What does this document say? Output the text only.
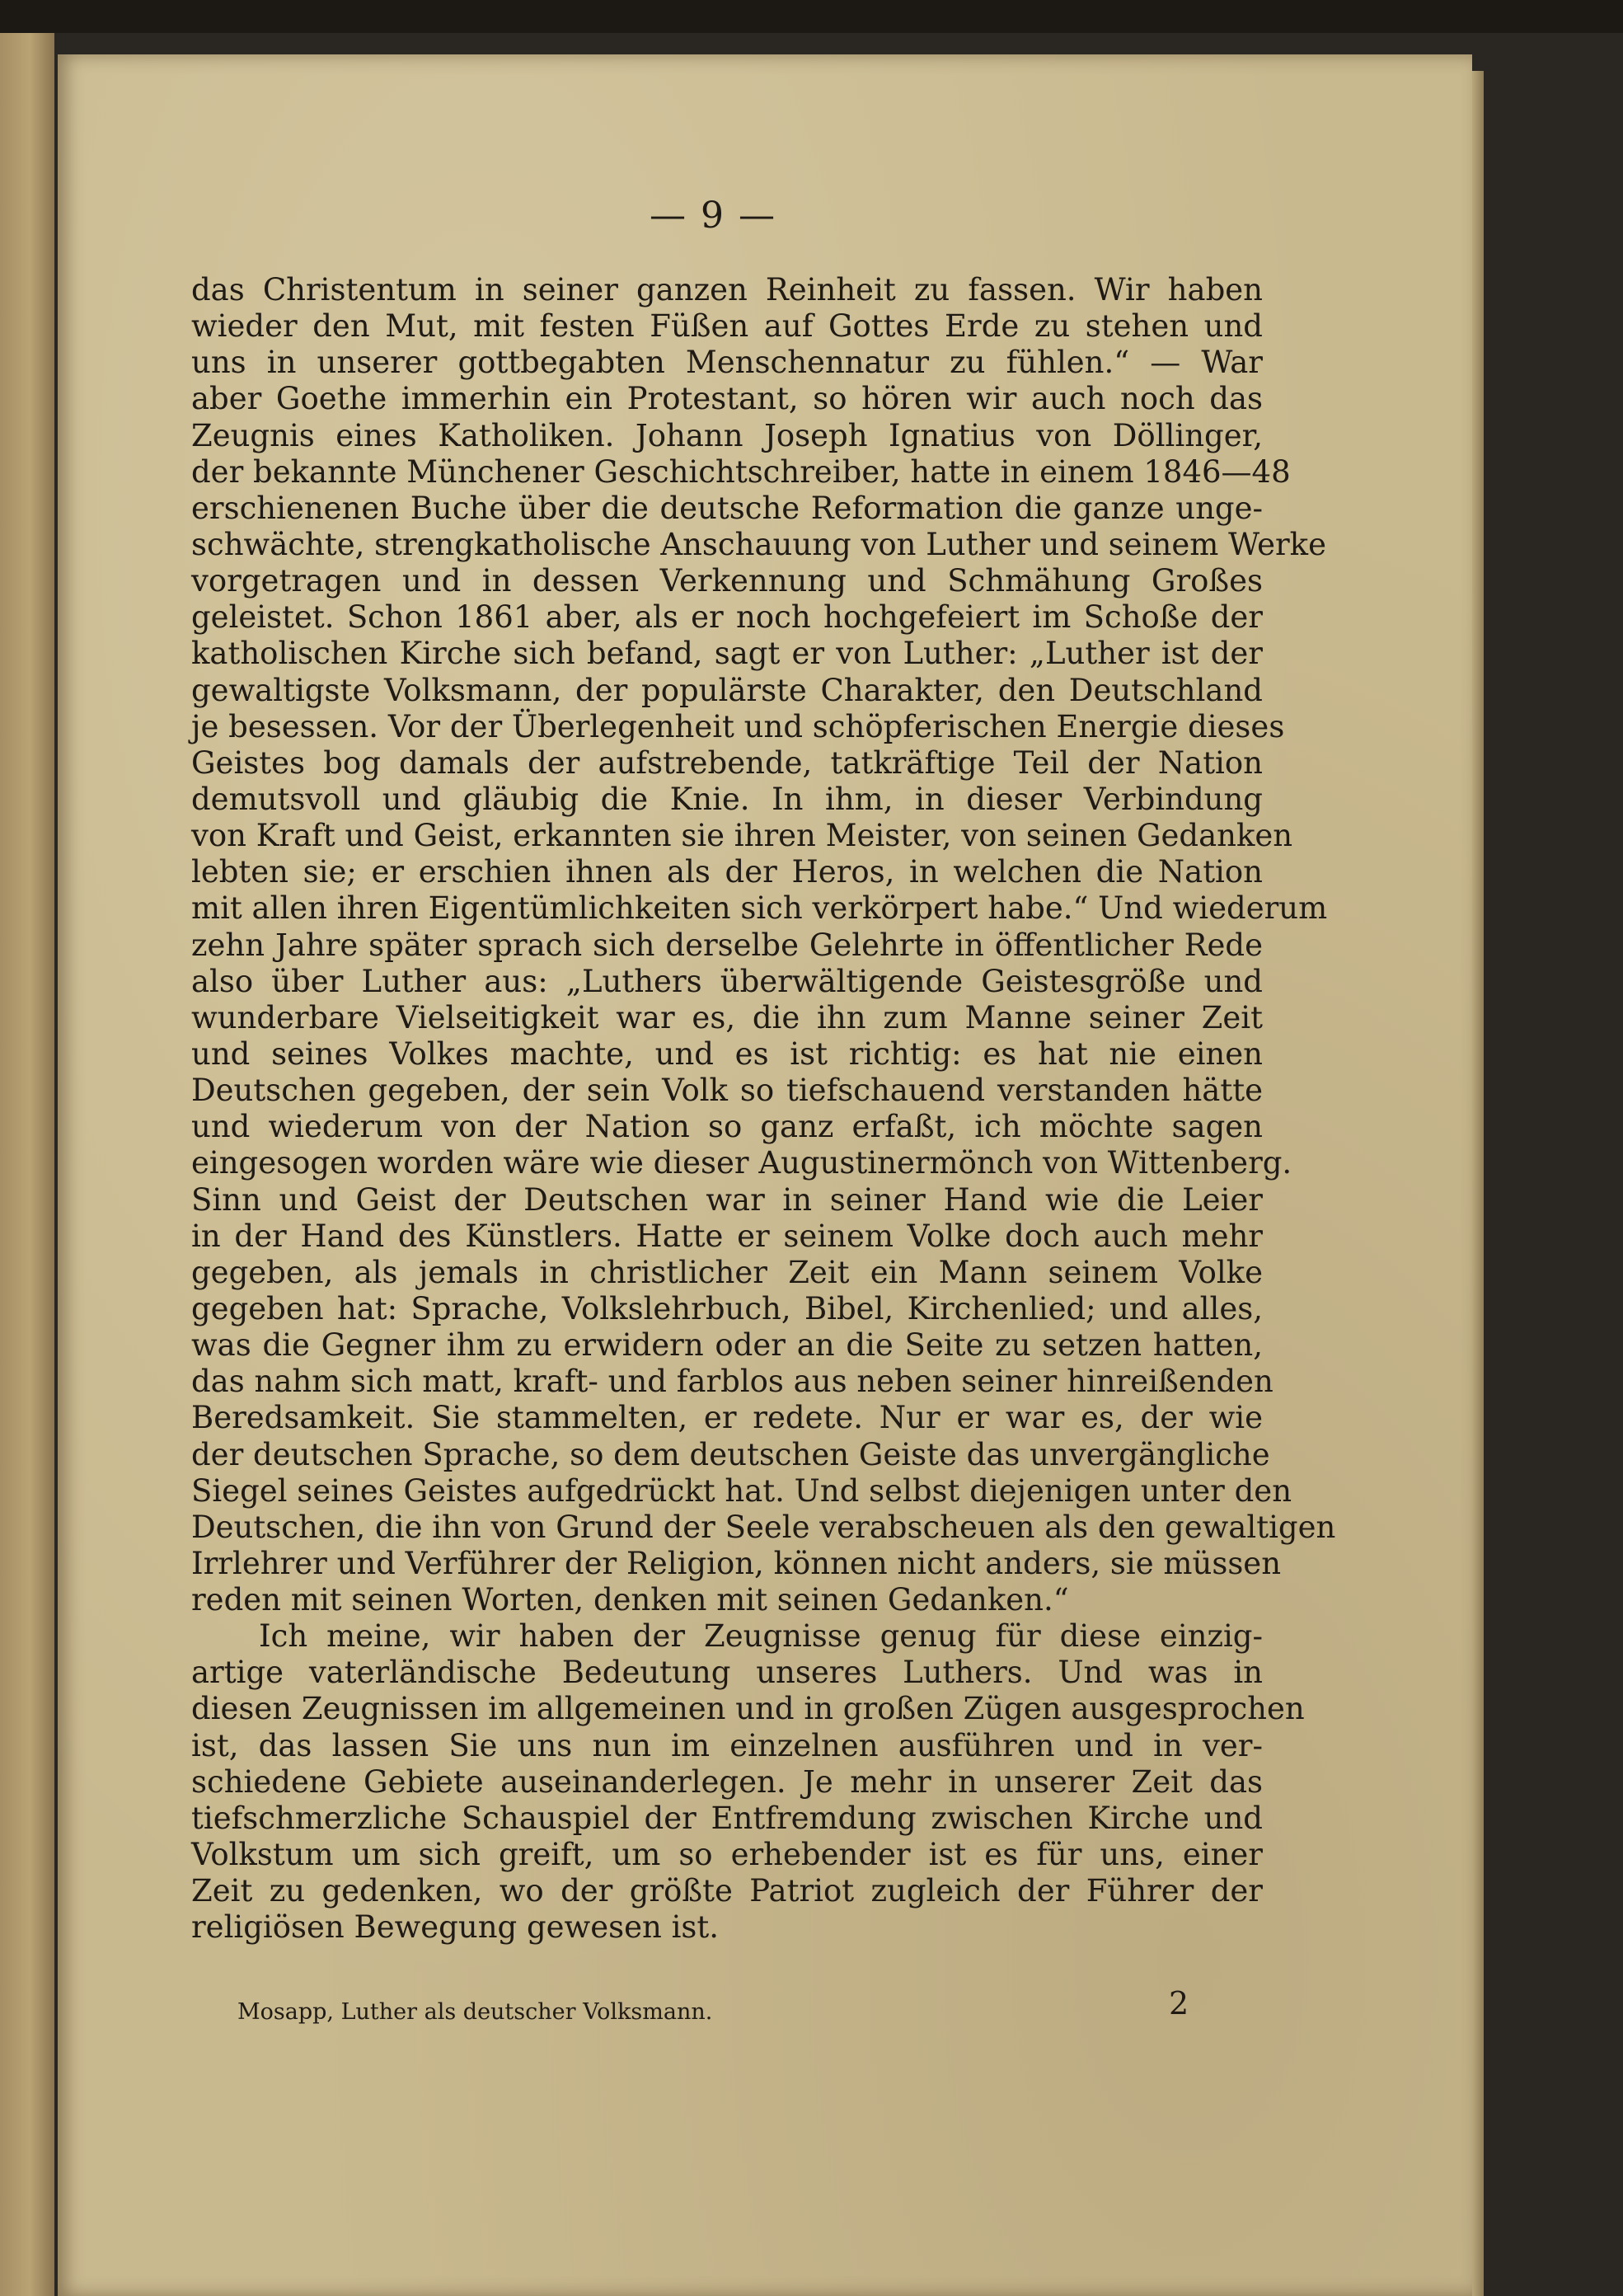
— 9 —
das Christentum in seiner ganzen Reinheit zu fassen. Wir haben
wieder den Mut, mit festen Füßen auf Gottes Erde zu stehen und
uns in unserer gottbegabten Menschennatur zu fühlen.“ — War
aber Goethe immerhin ein Protestant, so hören wir auch noch das
Zeugnis eines Katholiken. Johann Joseph Ignatius von Döllinger,
der bekannte Münchener Geschichtschreiber, hatte in einem 1846—48
erschienenen Buche über die deutsche Reformation die ganze unge-
schwächte, strengkatholische Anschauung von Luther und seinem Werke
vorgetragen und in dessen Verkennung und Schmähung Großes
geleistet. Schon 1861 aber, als er noch hochgefeiert im Schoße der
katholischen Kirche sich befand, sagt er von Luther: „Luther ist der
gewaltigste Volksmann, der populärste Charakter, den Deutschland
je besessen. Vor der Überlegenheit und schöpferischen Energie dieses
Geistes bog damals der aufstrebende, tatkräftige Teil der Nation
demutsvoll und gläubig die Knie. In ihm, in dieser Verbindung
von Kraft und Geist, erkannten sie ihren Meister, von seinen Gedanken
lebten sie; er erschien ihnen als der Heros, in welchen die Nation
mit allen ihren Eigentümlichkeiten sich verkörpert habe.“ Und wiederum
zehn Jahre später sprach sich derselbe Gelehrte in öffentlicher Rede
also über Luther aus: „Luthers überwältigende Geistesgröße und
wunderbare Vielseitigkeit war es, die ihn zum Manne seiner Zeit
und seines Volkes machte, und es ist richtig: es hat nie einen
Deutschen gegeben, der sein Volk so tiefschauend verstanden hätte
und wiederum von der Nation so ganz erfaßt, ich möchte sagen
eingesogen worden wäre wie dieser Augustinermönch von Wittenberg.
Sinn und Geist der Deutschen war in seiner Hand wie die Leier
in der Hand des Künstlers. Hatte er seinem Volke doch auch mehr
gegeben, als jemals in christlicher Zeit ein Mann seinem Volke
gegeben hat: Sprache, Volkslehrbuch, Bibel, Kirchenlied; und alles,
was die Gegner ihm zu erwidern oder an die Seite zu setzen hatten,
das nahm sich matt, kraft- und farblos aus neben seiner hinreißenden
Beredsamkeit. Sie stammelten, er redete. Nur er war es, der wie
der deutschen Sprache, so dem deutschen Geiste das unvergängliche
Siegel seines Geistes aufgedrückt hat. Und selbst diejenigen unter den
Deutschen, die ihn von Grund der Seele verabscheuen als den gewaltigen
Irrlehrer und Verführer der Religion, können nicht anders, sie müssen
reden mit seinen Worten, denken mit seinen Gedanken.“
Ich meine, wir haben der Zeugnisse genug für diese einzig-
artige vaterländische Bedeutung unseres Luthers. Und was in
diesen Zeugnissen im allgemeinen und in großen Zügen ausgesprochen
ist, das lassen Sie uns nun im einzelnen ausführen und in ver-
schiedene Gebiete auseinanderlegen. Je mehr in unserer Zeit das
tiefschmerzliche Schauspiel der Entfremdung zwischen Kirche und
Volkstum um sich greift, um so erhebender ist es für uns, einer
Zeit zu gedenken, wo der größte Patriot zugleich der Führer der
religiösen Bewegung gewesen ist.
Mosapp, Luther als deutscher Volksmann.	2
